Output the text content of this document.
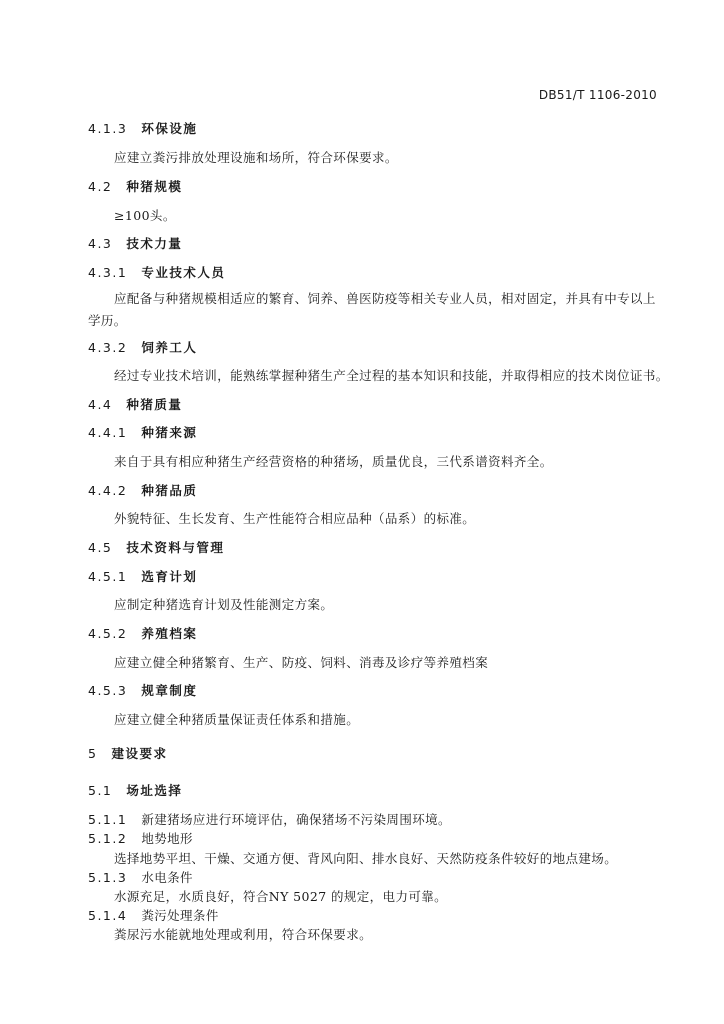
DB51/T 1106-2010
4.1.3 环保设施
应建立粪污排放处理设施和场所，符合环保要求。
4.2 种猪规模
≥100头。
4.3 技术力量
4.3.1 专业技术人员
应配备与种猪规模相适应的繁育、饲养、兽医防疫等相关专业人员，相对固定，并具有中专以上学历。
4.3.2 饲养工人
经过专业技术培训，能熟练掌握种猪生产全过程的基本知识和技能，并取得相应的技术岗位证书。
4.4 种猪质量
4.4.1 种猪来源
来自于具有相应种猪生产经营资格的种猪场，质量优良，三代系谱资料齐全。
4.4.2 种猪品质
外貌特征、生长发育、生产性能符合相应品种（品系）的标准。
4.5 技术资料与管理
4.5.1 选育计划
应制定种猪选育计划及性能测定方案。
4.5.2 养殖档案
应建立健全种猪繁育、生产、防疫、饲料、消毒及诊疗等养殖档案
4.5.3 规章制度
应建立健全种猪质量保证责任体系和措施。
5 建设要求
5.1 场址选择
5.1.1 新建猪场应进行环境评估，确保猪场不污染周围环境。
5.1.2 地势地形
选择地势平坦、干燥、交通方便、背风向阳、排水良好、天然防疫条件较好的地点建场。
5.1.3 水电条件
水源充足，水质良好，符合NY 5027 的规定，电力可靠。
5.1.4 粪污处理条件
粪尿污水能就地处理或利用，符合环保要求。
